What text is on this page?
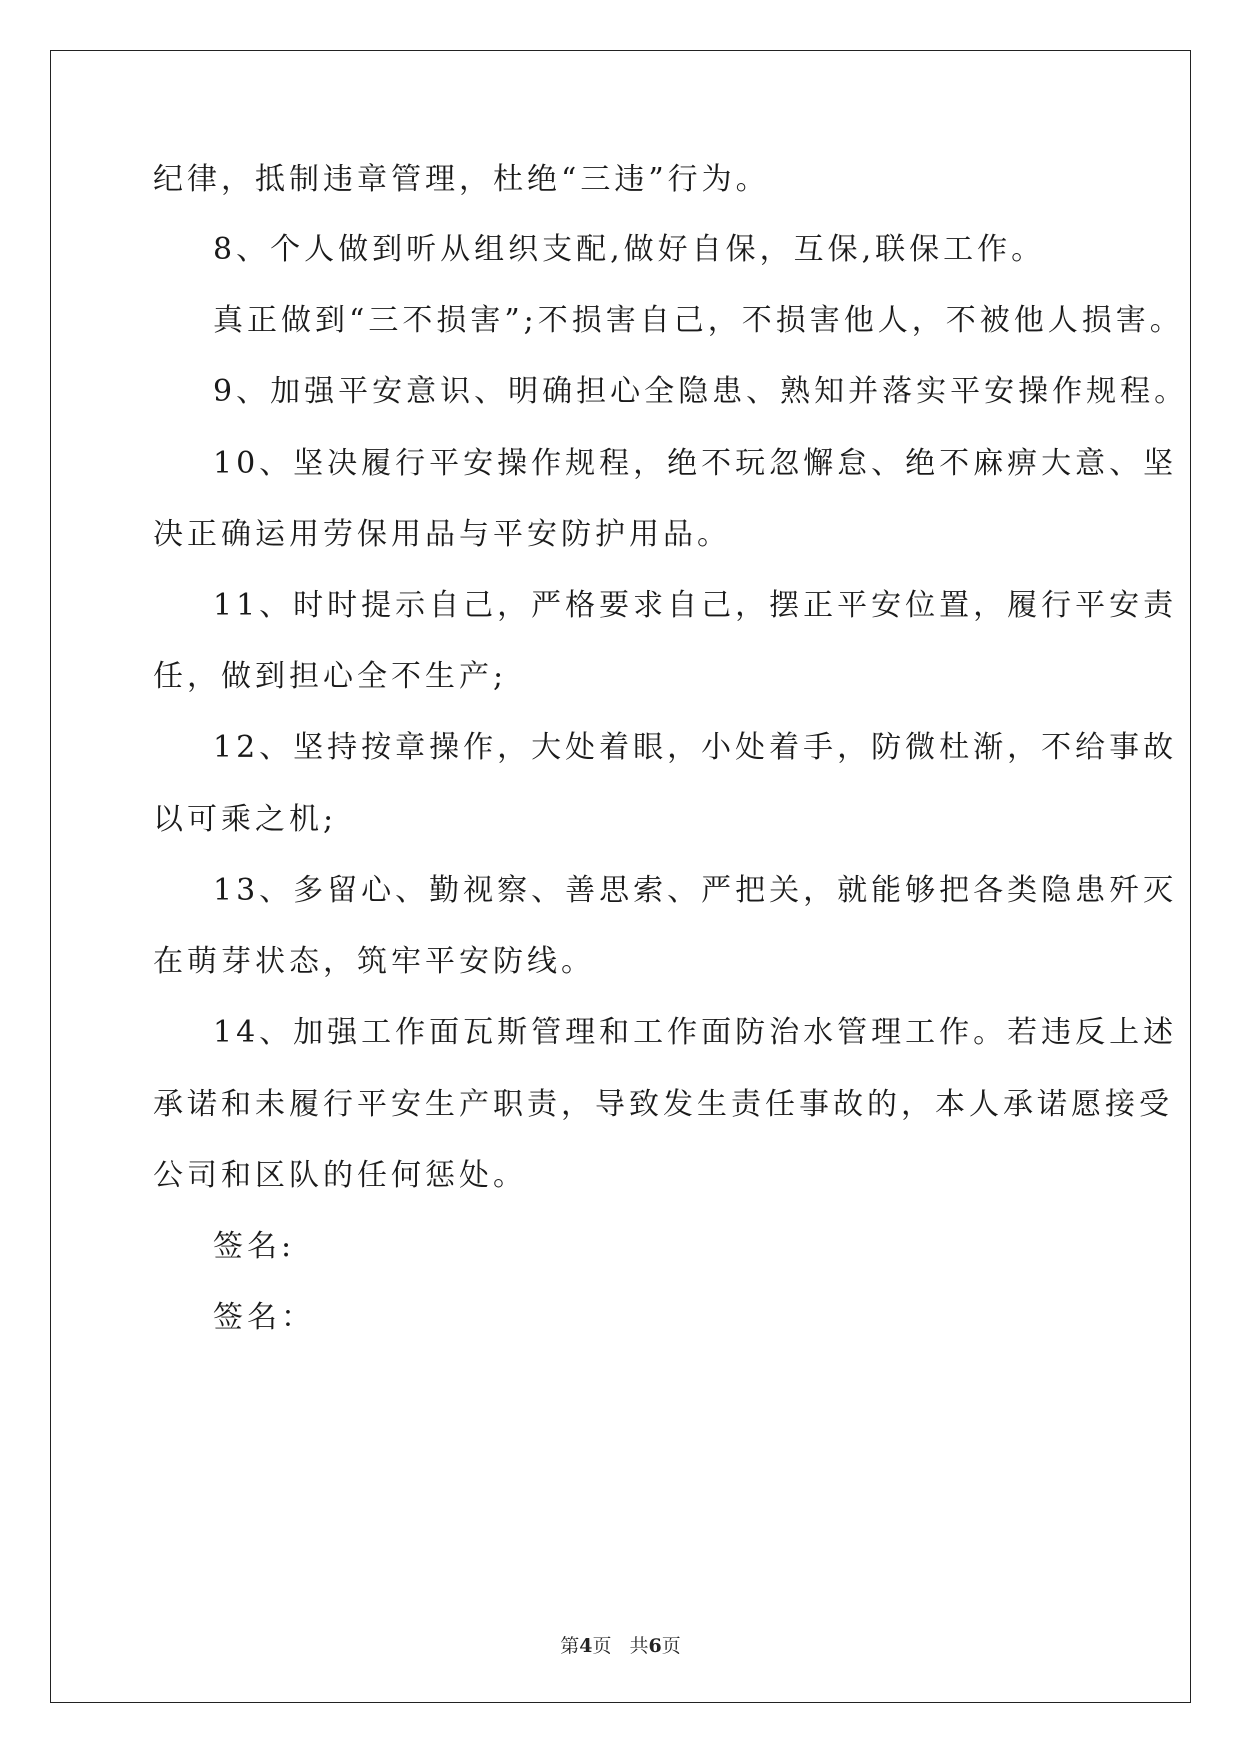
纪律，抵制违章管理，杜绝“三违”行为。
8、个人做到听从组织支配,做好自保，互保,联保工作。
真正做到“三不损害”;不损害自己，不损害他人，不被他人损害。
9、加强平安意识、明确担心全隐患、熟知并落实平安操作规程。
10、坚决履行平安操作规程，绝不玩忽懈怠、绝不麻痹大意、坚
决正确运用劳保用品与平安防护用品。
11、时时提示自己，严格要求自己，摆正平安位置，履行平安责
任，做到担心全不生产;
12、坚持按章操作，大处着眼，小处着手，防微杜渐，不给事故
以可乘之机;
13、多留心、勤视察、善思索、严把关，就能够把各类隐患歼灭
在萌芽状态，筑牢平安防线。
14、加强工作面瓦斯管理和工作面防治水管理工作。若违反上述
承诺和未履行平安生产职责，导致发生责任事故的，本人承诺愿接受
公司和区队的任何惩处。
签名:
签名：
第4页 共6页
